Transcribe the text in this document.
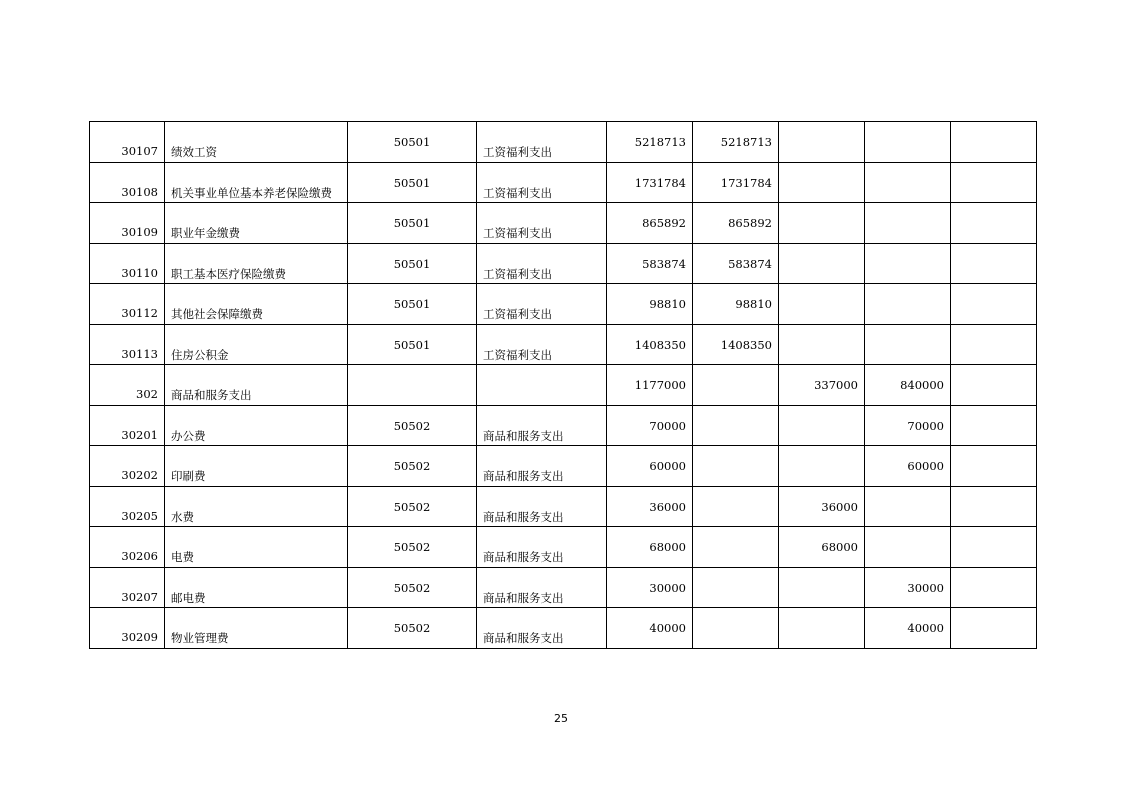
30107	绩效工资	50501	工资福利支出	5218713	5218713			
30108	机关事业单位基本养老保险缴费	50501	工资福利支出	1731784	1731784			
30109	职业年金缴费	50501	工资福利支出	865892	865892			
30110	职工基本医疗保险缴费	50501	工资福利支出	583874	583874			
30112	其他社会保障缴费	50501	工资福利支出	98810	98810			
30113	住房公积金	50501	工资福利支出	1408350	1408350			
302	商品和服务支出			1177000		337000	840000	
30201	办公费	50502	商品和服务支出	70000			70000	
30202	印刷费	50502	商品和服务支出	60000			60000	
30205	水费	50502	商品和服务支出	36000		36000		
30206	电费	50502	商品和服务支出	68000		68000		
30207	邮电费	50502	商品和服务支出	30000			30000	
30209	物业管理费	50502	商品和服务支出	40000			40000	
25
